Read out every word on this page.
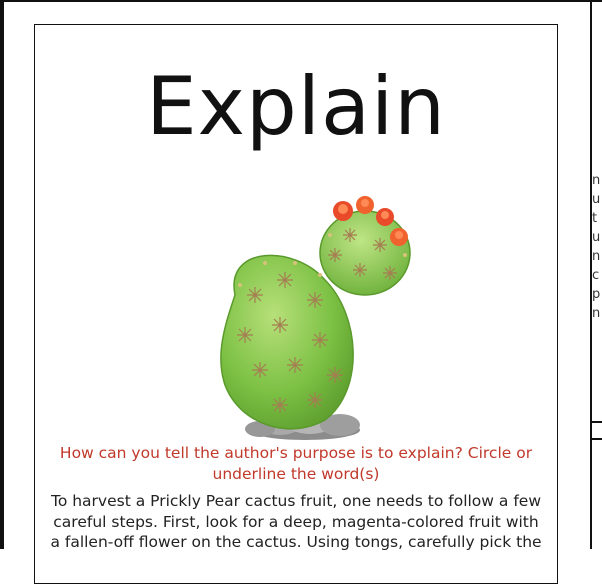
Explain
How can you tell the author's purpose is to explain? Circle or underline the word(s)
To harvest a Prickly Pear cactus fruit, one needs to follow a few careful steps. First, look for a deep, magenta-colored fruit with a fallen-off flower on the cactus. Using tongs, carefully pick the
n
u
t
u
n
c
p
n
